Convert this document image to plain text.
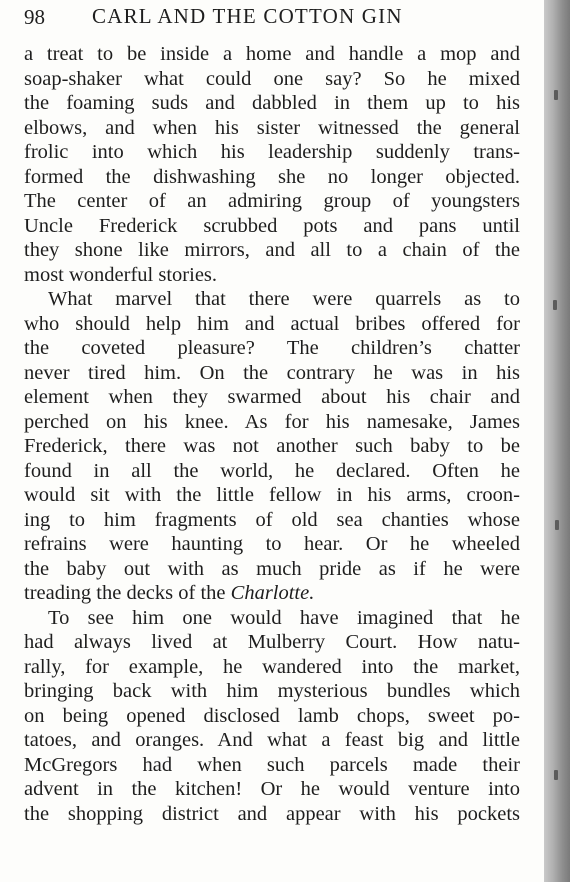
98 CARL AND THE COTTON GIN
a treat to be inside a home and handle a mop and
soap-shaker what could one say? So he mixed
the foaming suds and dabbled in them up to his
elbows, and when his sister witnessed the general
frolic into which his leadership suddenly trans-
formed the dishwashing she no longer objected.
The center of an admiring group of youngsters
Uncle Frederick scrubbed pots and pans until
they shone like mirrors, and all to a chain of the
most wonderful stories.
What marvel that there were quarrels as to
who should help him and actual bribes offered for
the coveted pleasure? The children’s chatter
never tired him. On the contrary he was in his
element when they swarmed about his chair and
perched on his knee. As for his namesake, James
Frederick, there was not another such baby to be
found in all the world, he declared. Often he
would sit with the little fellow in his arms, croon-
ing to him fragments of old sea chanties whose
refrains were haunting to hear. Or he wheeled
the baby out with as much pride as if he were
treading the decks of the Charlotte.
To see him one would have imagined that he
had always lived at Mulberry Court. How natu-
rally, for example, he wandered into the market,
bringing back with him mysterious bundles which
on being opened disclosed lamb chops, sweet po-
tatoes, and oranges. And what a feast big and little
McGregors had when such parcels made their
advent in the kitchen! Or he would venture into
the shopping district and appear with his pockets
